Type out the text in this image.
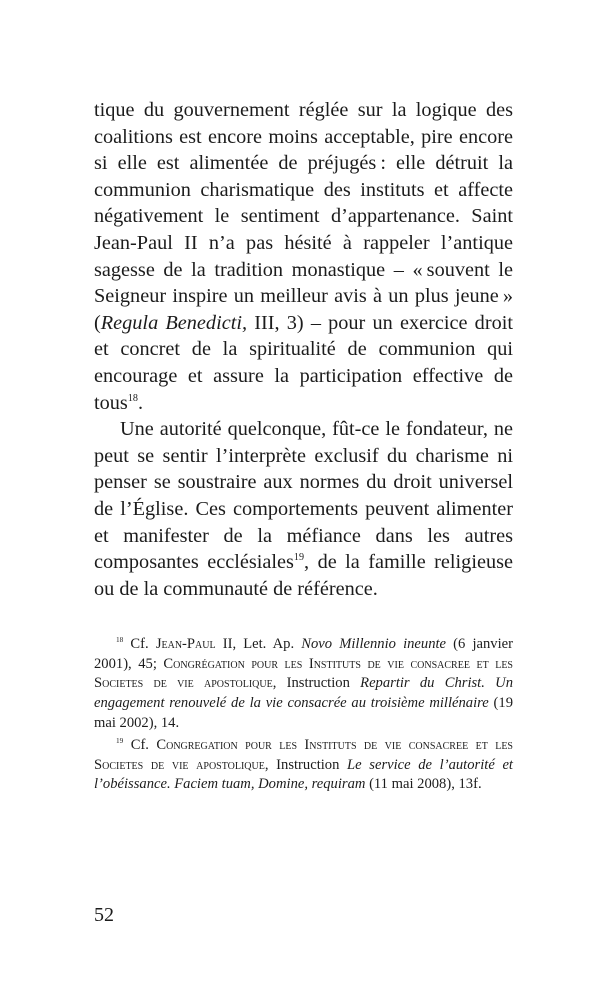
tique du gouvernement réglée sur la logique des coalitions est encore moins acceptable, pire encore si elle est alimentée de préjugés : elle détruit la communion charismatique des instituts et affecte négativement le sentiment d’appartenance. Saint Jean-Paul II n’a pas hésité à rappeler l’antique sagesse de la tradition monastique – « souvent le Seigneur inspire un meilleur avis à un plus jeune » (Regula Benedicti, III, 3) – pour un exercice droit et concret de la spiritualité de communion qui encourage et assure la participation effective de tous$^{18}$.

Une autorité quelconque, fût-ce le fondateur, ne peut se sentir l’interprète exclusif du charisme ni penser se soustraire aux normes du droit universel de l’Église. Ces comportements peuvent alimenter et manifester de la méfiance dans les autres composantes ecclésiales$^{19}$, de la famille religieuse ou de la communauté de référence.

$^{18}$ Cf. Jean-Paul II, Let. Ap. Novo Millennio ineunte (6 janvier 2001), 45; Congrégation pour les Instituts de vie consacree et les Societes de vie apostolique, Instruction Repartir du Christ. Un engagement renouvelé de la vie consacrée au troisième millénaire (19 mai 2002), 14.

$^{19}$ Cf. Congregation pour les Instituts de vie consacree et les Societes de vie apostolique, Instruction Le service de l’autorité et l’obéissance. Faciem tuam, Domine, requiram (11 mai 2008), 13f.

52
